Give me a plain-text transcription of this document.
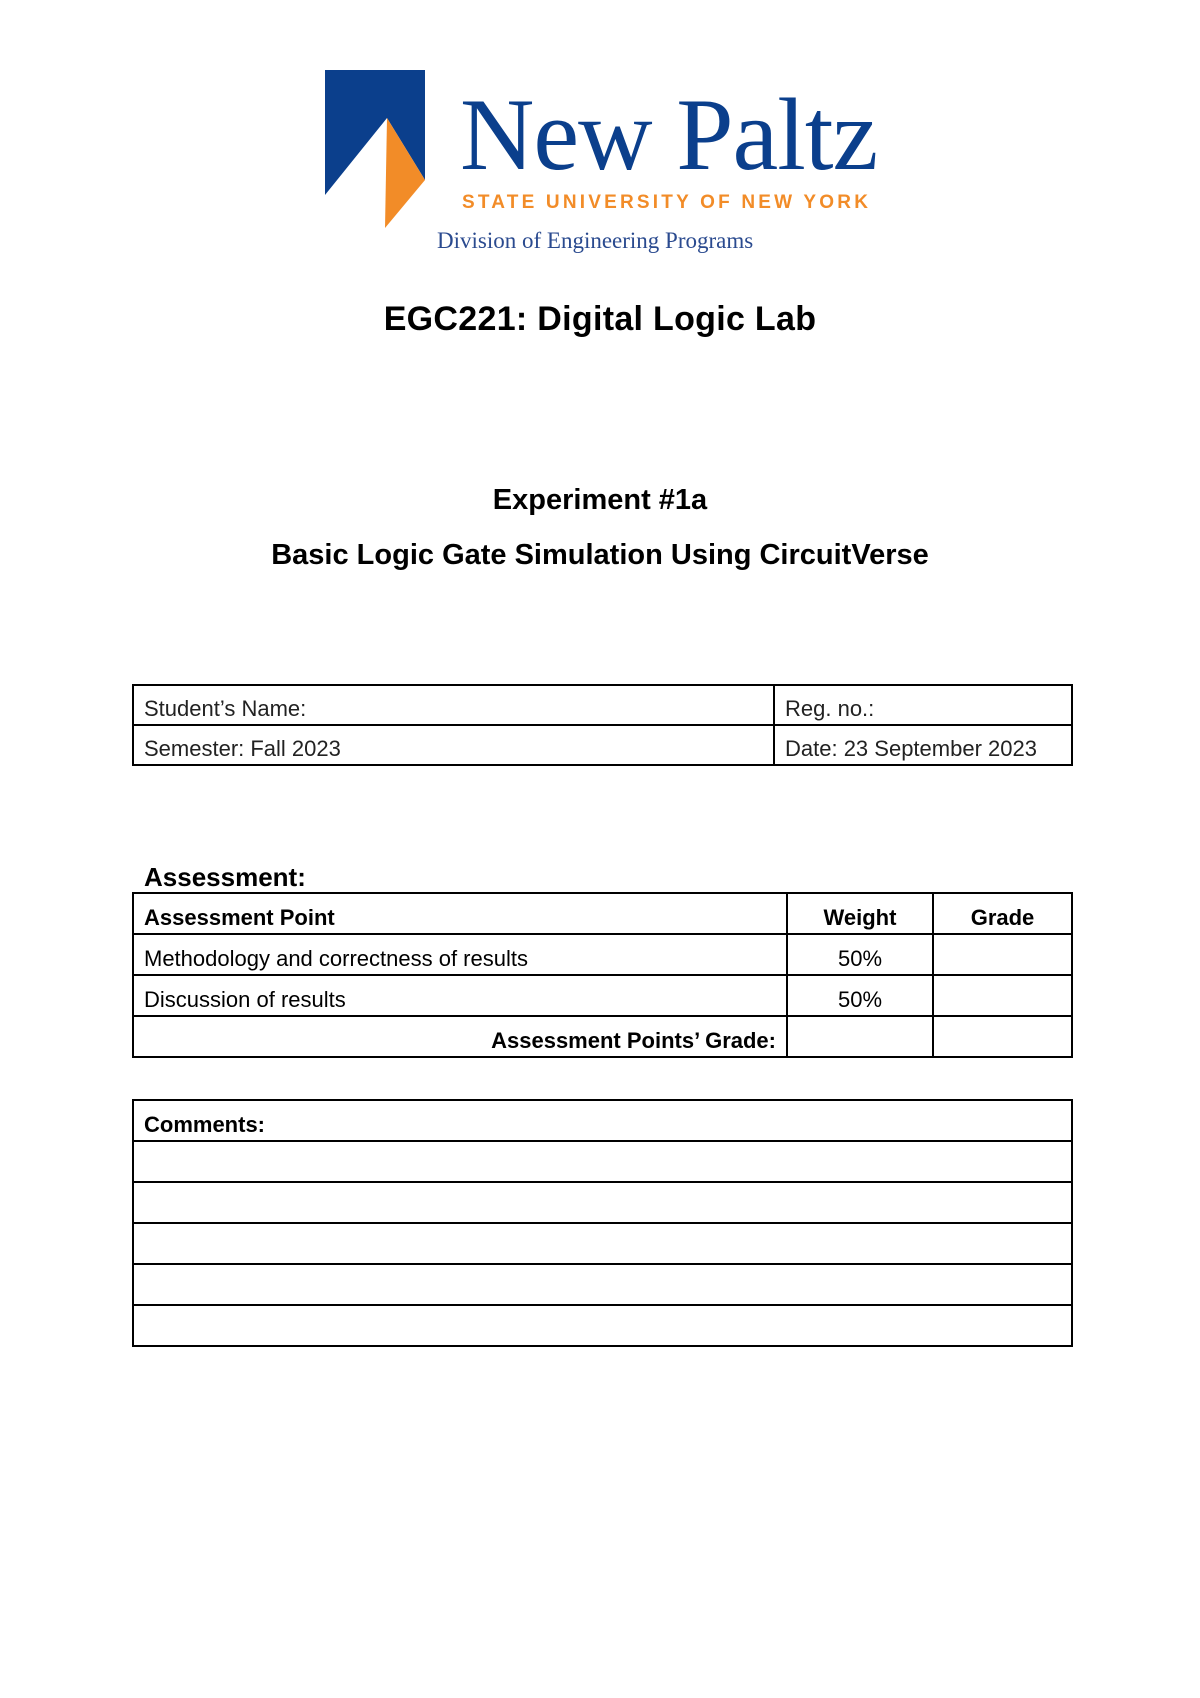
New Paltz
STATE UNIVERSITY OF NEW YORK
Division of Engineering Programs
EGC221: Digital Logic Lab
Experiment #1a
Basic Logic Gate Simulation Using CircuitVerse
Student’s Name:	Reg. no.:
Semester: Fall 2023	Date: 23 September 2023
Assessment:
Assessment Point	Weight	Grade
Methodology and correctness of results	50%	
Discussion of results	50%	
Assessment Points’ Grade:		
Comments:
